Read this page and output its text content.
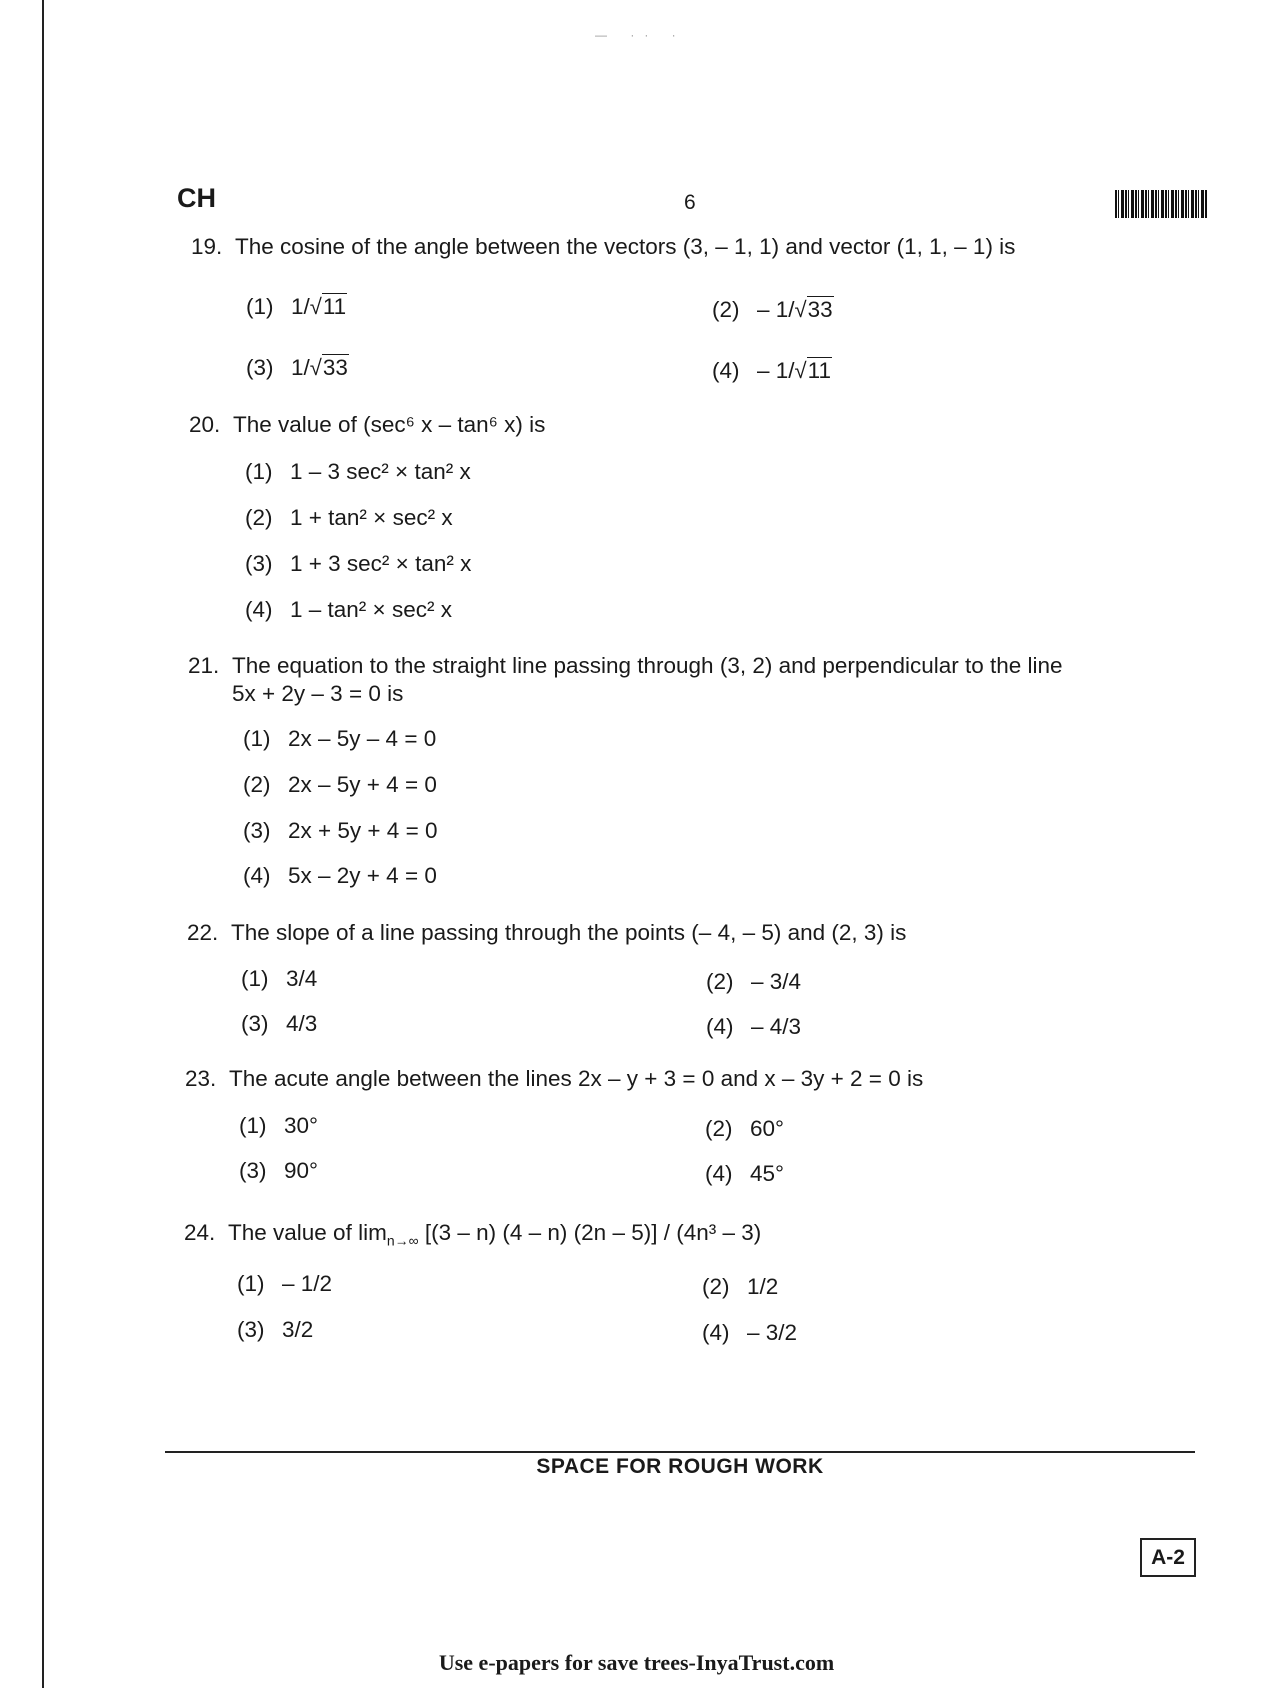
— ·· ·
CH	6
19. The cosine of the angle between the vectors (3, – 1, 1) and vector (1, 1, – 1) is
(1) 1/√11	(2) – 1/√33
(3) 1/√33	(4) – 1/√11
20. The value of (sec⁶ x – tan⁶ x) is
(1) 1 – 3 sec² × tan² x
(2) 1 + tan² × sec² x
(3) 1 + 3 sec² × tan² x
(4) 1 – tan² × sec² x
21. The equation to the straight line passing through (3, 2) and perpendicular to the line
5x + 2y – 3 = 0 is
(1) 2x – 5y – 4 = 0
(2) 2x – 5y + 4 = 0
(3) 2x + 5y + 4 = 0
(4) 5x – 2y + 4 = 0
22. The slope of a line passing through the points (– 4, – 5) and (2, 3) is
(1) 3/4	(2) – 3/4
(3) 4/3	(4) – 4/3
23. The acute angle between the lines 2x – y + 3 = 0 and x – 3y + 2 = 0 is
(1) 30°	(2) 60°
(3) 90°	(4) 45°
24. The value of $\lim_{n\to\infty} [(3 - n)$ (4 – n) (2n – 5)] / (4n³ – 3)
(1) – 1/2	(2) 1/2
(3) 3/2	(4) – 3/2
SPACE FOR ROUGH WORK
A-2
Use e-papers for save trees-InyaTrust.com
